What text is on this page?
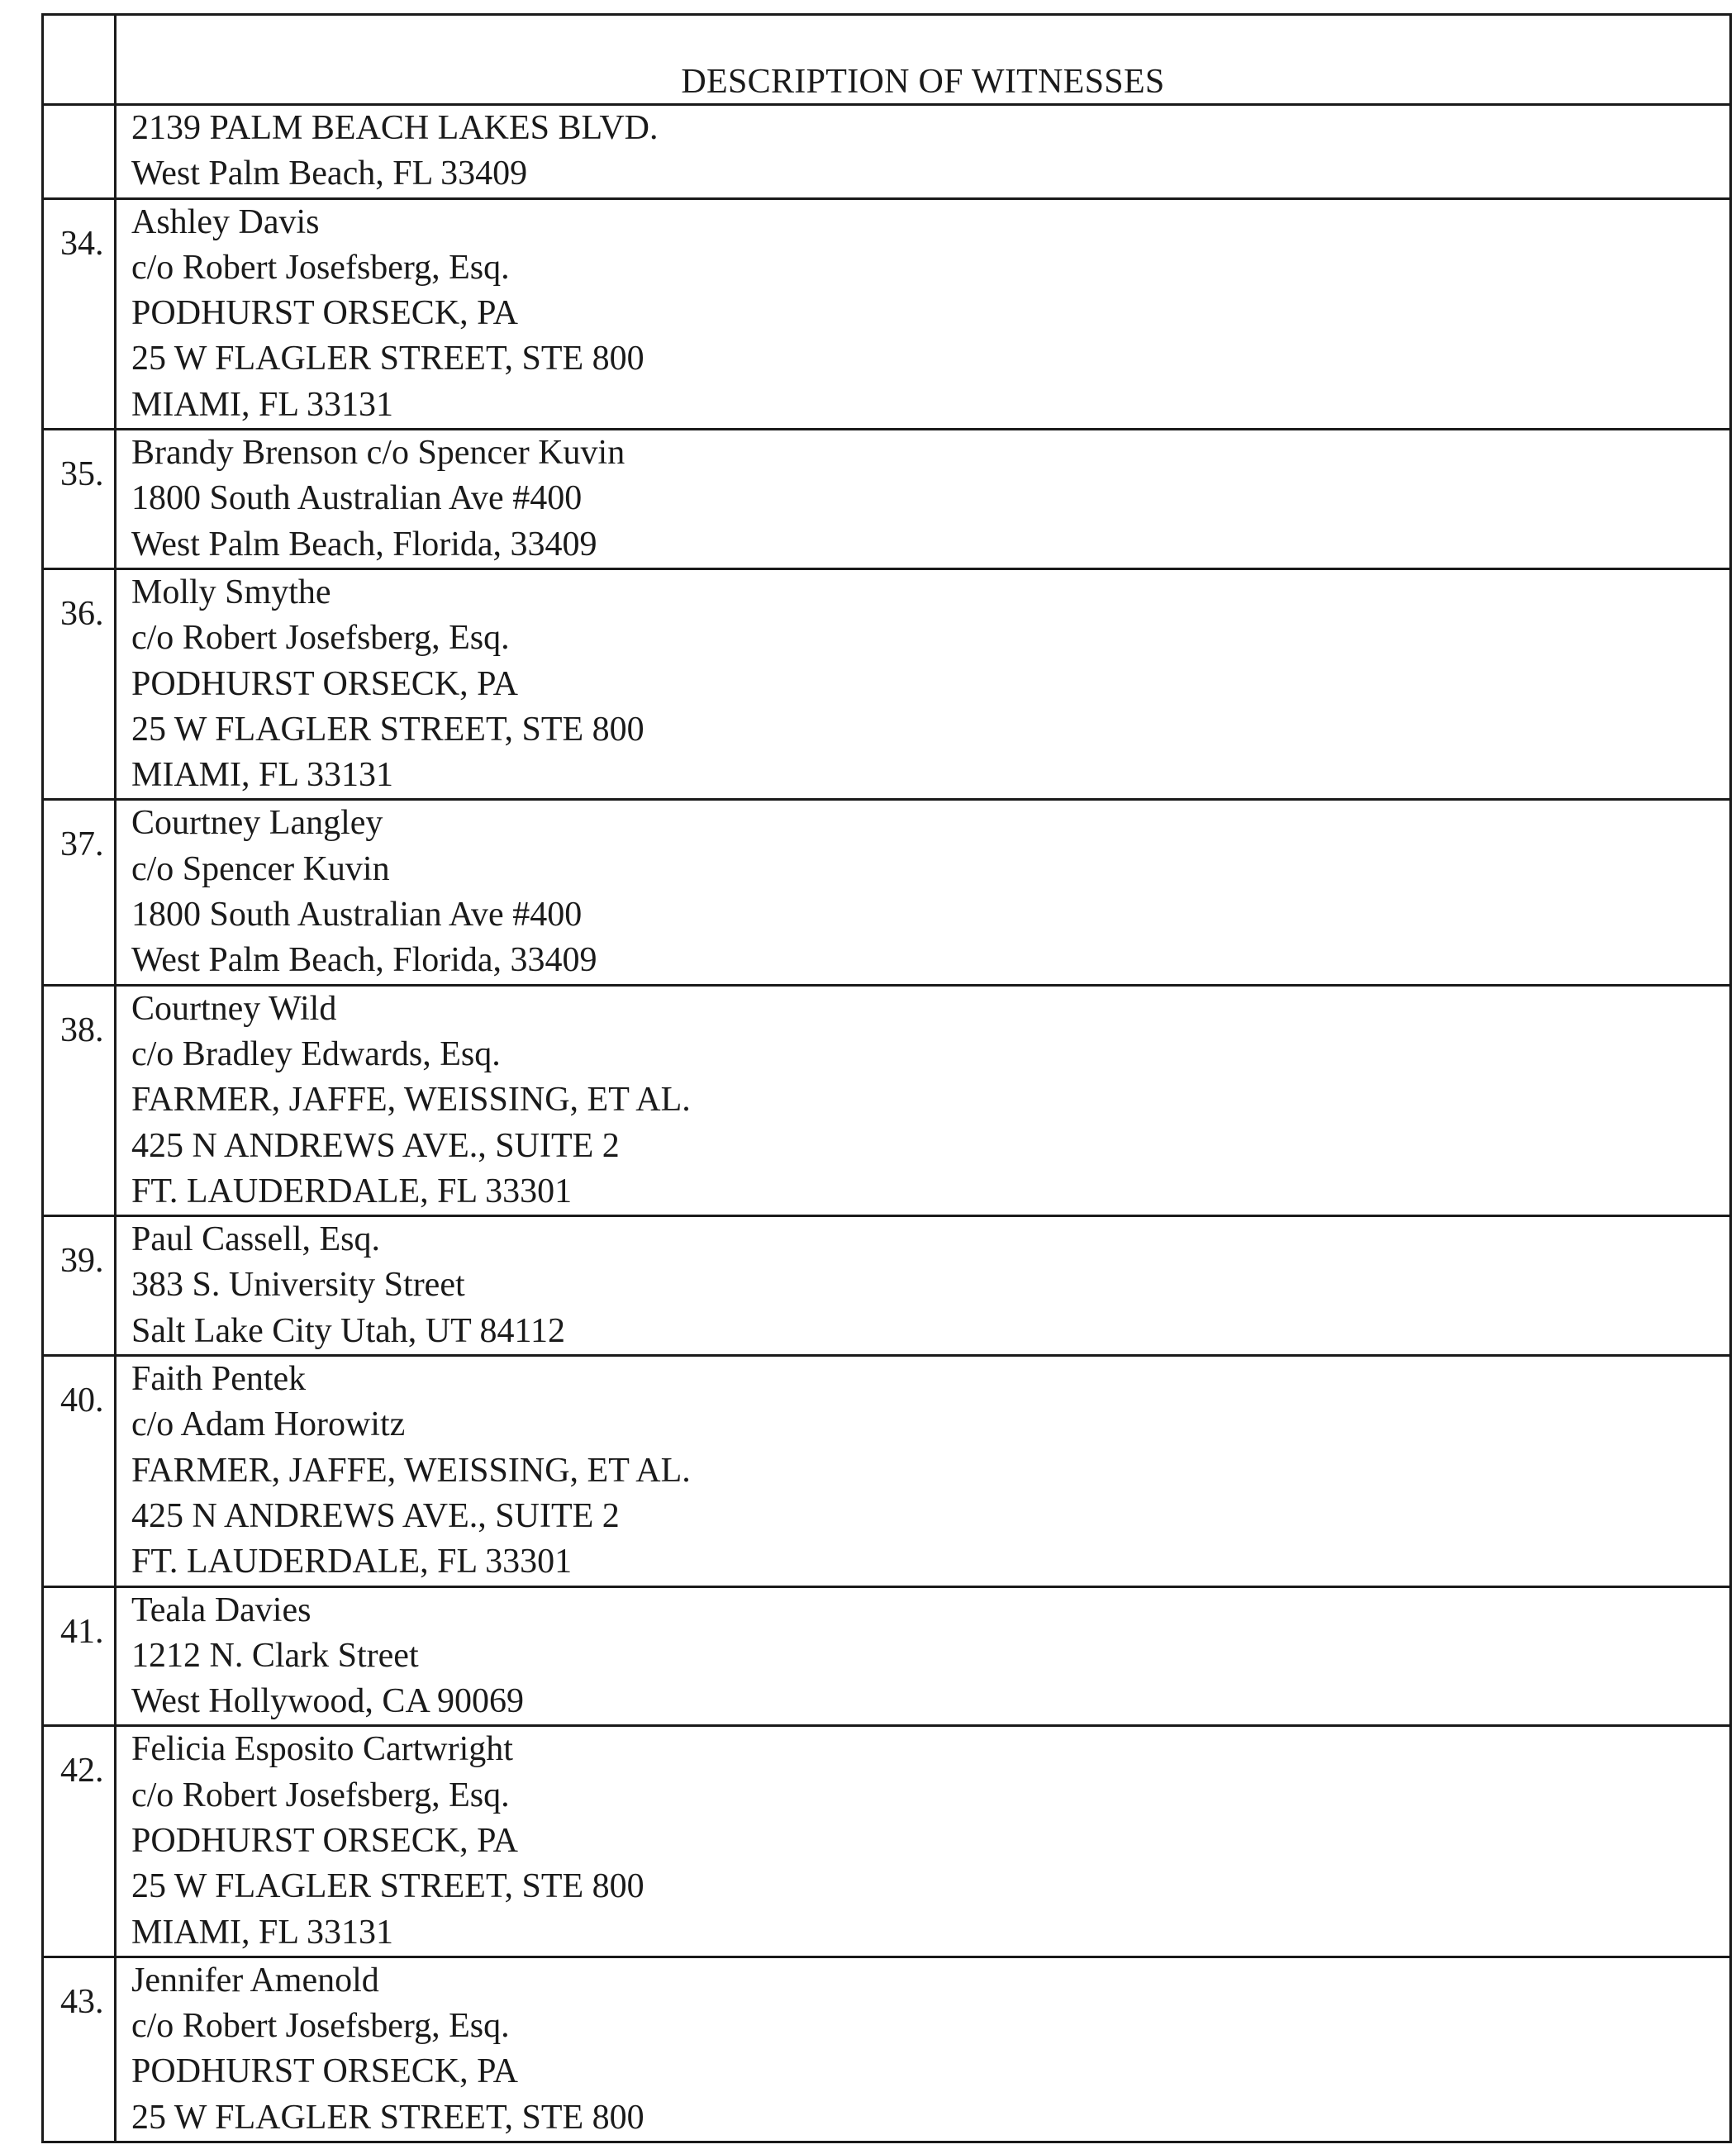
	DESCRIPTION OF WITNESSES

	2139 PALM BEACH LAKES BLVD.
West Palm Beach, FL 33409

34.	Ashley Davis
c/o Robert Josefsberg, Esq.
PODHURST ORSECK, PA
25 W FLAGLER STREET, STE 800
MIAMI, FL 33131

35.	Brandy Brenson c/o Spencer Kuvin
1800 South Australian Ave #400
West Palm Beach, Florida, 33409

36.	Molly Smythe
c/o Robert Josefsberg, Esq.
PODHURST ORSECK, PA
25 W FLAGLER STREET, STE 800
MIAMI, FL 33131

37.	Courtney Langley
c/o Spencer Kuvin
1800 South Australian Ave #400
West Palm Beach, Florida, 33409

38.	Courtney Wild
c/o Bradley Edwards, Esq.
FARMER, JAFFE, WEISSING, ET AL.
425 N ANDREWS AVE., SUITE 2
FT. LAUDERDALE, FL 33301

39.	Paul Cassell, Esq.
383 S. University Street
Salt Lake City Utah, UT 84112

40.	Faith Pentek
c/o Adam Horowitz
FARMER, JAFFE, WEISSING, ET AL.
425 N ANDREWS AVE., SUITE 2
FT. LAUDERDALE, FL 33301

41.	Teala Davies
1212 N. Clark Street
West Hollywood, CA 90069

42.	Felicia Esposito Cartwright
c/o Robert Josefsberg, Esq.
PODHURST ORSECK, PA
25 W FLAGLER STREET, STE 800
MIAMI, FL 33131

43.	Jennifer Amenold
c/o Robert Josefsberg, Esq.
PODHURST ORSECK, PA
25 W FLAGLER STREET, STE 800
